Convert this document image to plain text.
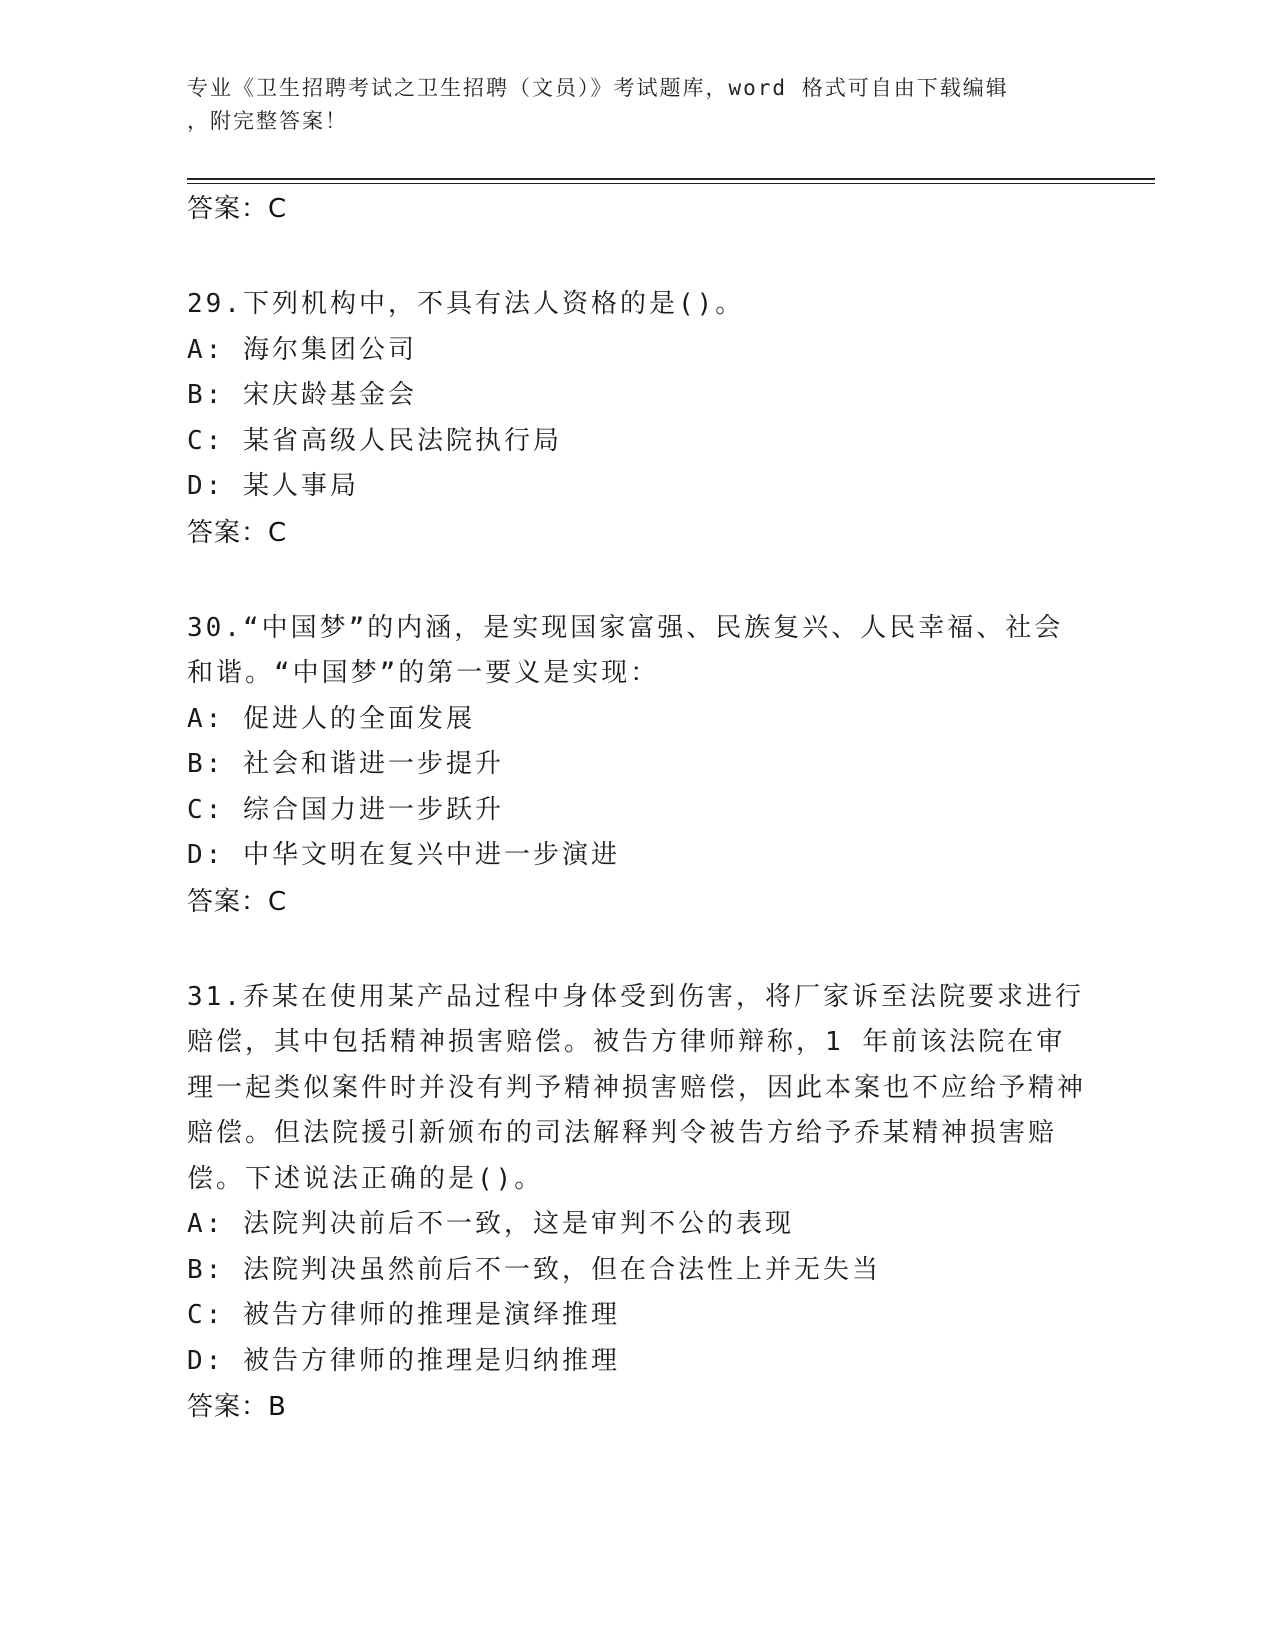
专业《卫生招聘考试之卫生招聘（文员）》考试题库，word 格式可自由下载编辑
，附完整答案！
答案：C
29.下列机构中，不具有法人资格的是()。
A: 海尔集团公司
B: 宋庆龄基金会
C: 某省高级人民法院执行局
D: 某人事局
答案：C
30.“中国梦”的内涵，是实现国家富强、民族复兴、人民幸福、社会和谐。“中国梦”的第一要义是实现：
A: 促进人的全面发展
B: 社会和谐进一步提升
C: 综合国力进一步跃升
D: 中华文明在复兴中进一步演进
答案：C
31.乔某在使用某产品过程中身体受到伤害，将厂家诉至法院要求进行赔偿，其中包括精神损害赔偿。被告方律师辩称，1 年前该法院在审理一起类似案件时并没有判予精神损害赔偿，因此本案也不应给予精神赔偿。但法院援引新颁布的司法解释判令被告方给予乔某精神损害赔偿。下述说法正确的是()。
A: 法院判决前后不一致，这是审判不公的表现
B: 法院判决虽然前后不一致，但在合法性上并无失当
C: 被告方律师的推理是演绎推理
D: 被告方律师的推理是归纳推理
答案：B
